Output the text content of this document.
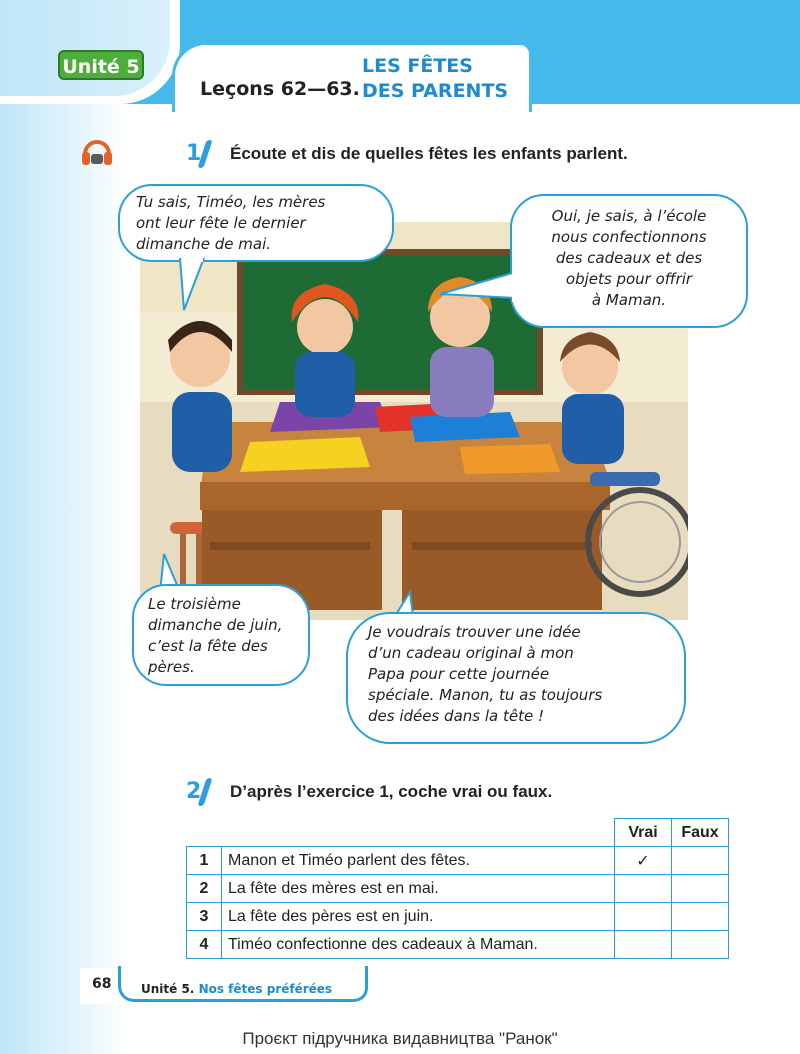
Unité 5
Leçons 62—63.
LES FÊTES
DES PARENTS
1 Écoute et dis de quelles fêtes les enfants parlent.
Tu sais, Timéo, les mères
ont leur fête le dernier
dimanche de mai.
Oui, je sais, à l’école
nous confectionnons
des cadeaux et des
objets pour offrir
à Maman.
Le troisième
dimanche de juin,
c’est la fête des
pères.
Je voudrais trouver une idée
d’un cadeau original à mon
Papa pour cette journée
spéciale. Manon, tu as toujours
des idées dans la tête !
2 D’après l’exercice 1, coche vrai ou faux.
		Vrai	Faux
1	Manon et Timéo parlent des fêtes.	✓	
2	La fête des mères est en mai.		
3	La fête des pères est en juin.		
4	Timéo confectionne des cadeaux à Maman.		
68 Unité 5. Nos fêtes préférées
Проєкт підручника видавництва "Ранок"
